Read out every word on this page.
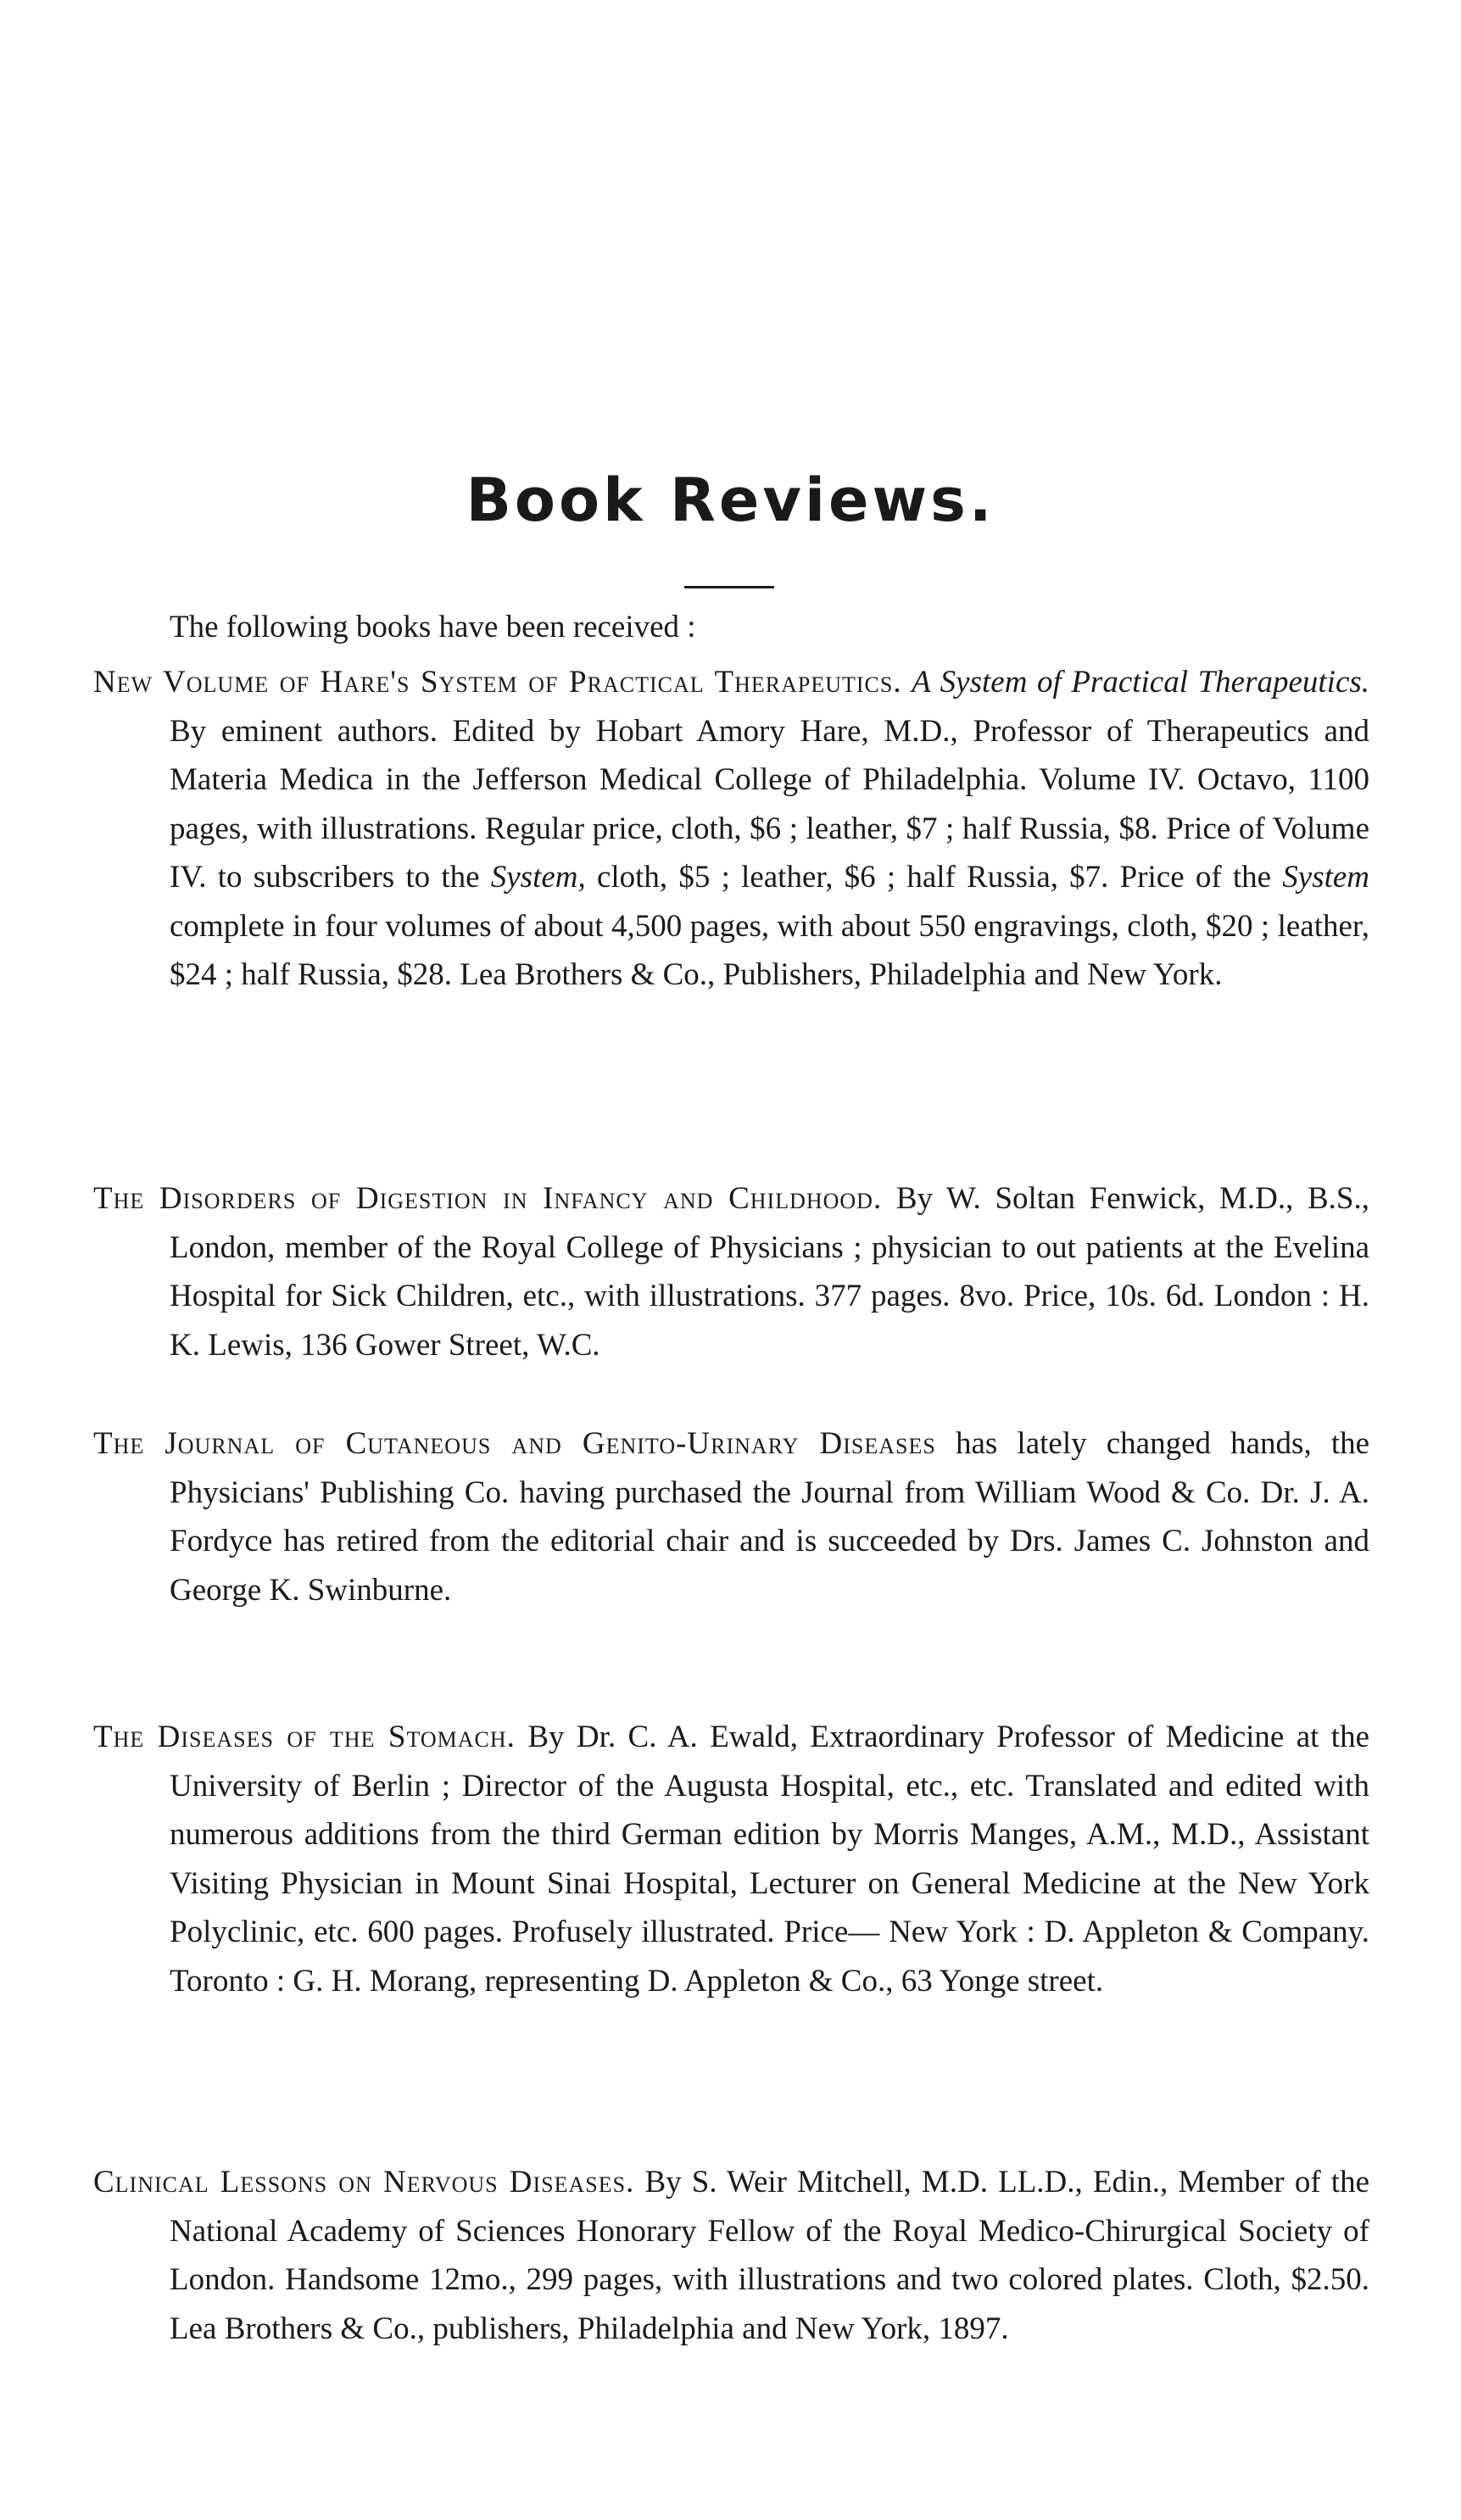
Book Reviews.
The following books have been received :

New Volume of Hare's System of Practical Therapeutics. A System of Practical Therapeutics. By eminent authors. Edited by Hobart Amory Hare, M.D., Professor of Therapeutics and Materia Medica in the Jefferson Medical College of Philadelphia. Volume IV. Octavo, 1100 pages, with illustrations. Regular price, cloth, $6 ; leather, $7 ; half Russia, $8. Price of Volume IV. to subscribers to the System, cloth, $5 ; leather, $6 ; half Russia, $7. Price of the System complete in four volumes of about 4,500 pages, with about 550 engravings, cloth, $20 ; leather, $24 ; half Russia, $28. Lea Brothers & Co., Publishers, Philadelphia and New York.

The Disorders of Digestion in Infancy and Childhood. By W. Soltan Fenwick, M.D., B.S., London, member of the Royal College of Physicians ; physician to out patients at the Evelina Hospital for Sick Children, etc., with illustrations. 377 pages. 8vo. Price, 10s. 6d. London : H. K. Lewis, 136 Gower Street, W.C.

The Journal of Cutaneous and Genito-Urinary Diseases has lately changed hands, the Physicians' Publishing Co. having purchased the Journal from William Wood & Co. Dr. J. A. Fordyce has retired from the editorial chair and is succeeded by Drs. James C. Johnston and George K. Swinburne.

The Diseases of the Stomach. By Dr. C. A. Ewald, Extraordinary Professor of Medicine at the University of Berlin ; Director of the Augusta Hospital, etc., etc. Translated and edited with numerous additions from the third German edition by Morris Manges, A.M., M.D., Assistant Visiting Physician in Mount Sinai Hospital, Lecturer on General Medicine at the New York Polyclinic, etc. 600 pages. Profusely illustrated. Price— New York : D. Appleton & Company. Toronto : G. H. Morang, representing D. Appleton & Co., 63 Yonge street.

Clinical Lessons on Nervous Diseases. By S. Weir Mitchell, M.D. LL.D., Edin., Member of the National Academy of Sciences Honorary Fellow of the Royal Medico-Chirurgical Society of London. Handsome 12mo., 299 pages, with illustrations and two colored plates. Cloth, $2.50. Lea Brothers & Co., publishers, Philadelphia and New York, 1897.
